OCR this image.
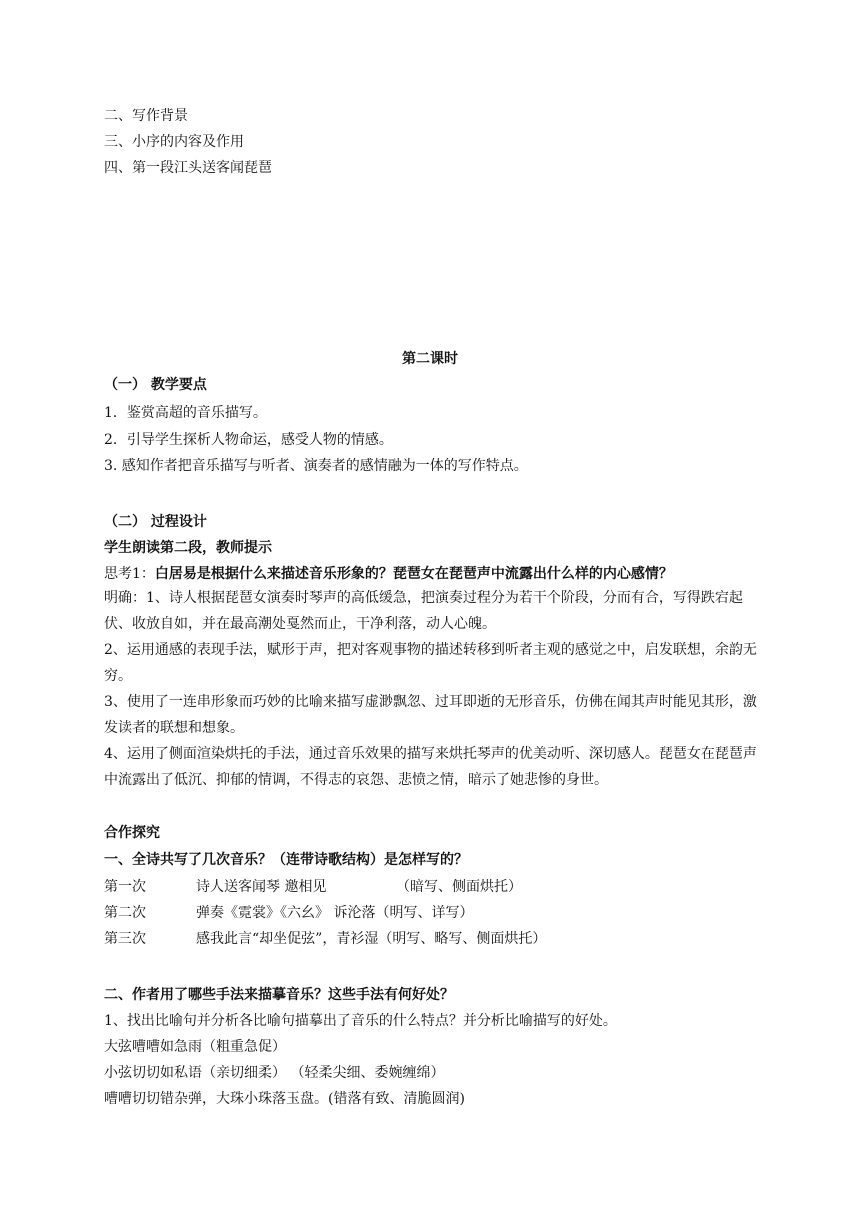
二、写作背景
三、小序的内容及作用
四、第一段江头送客闻琵琶
第二课时
（一） 教学要点
1．鉴赏高超的音乐描写。
2．引导学生探析人物命运，感受人物的情感。
3. 感知作者把音乐描写与听者、演奏者的感情融为一体的写作特点。
（二） 过程设计
学生朗读第二段，教师提示
思考1：白居易是根据什么来描述音乐形象的？琵琶女在琵琶声中流露出什么样的内心感情？
明确：1、诗人根据琵琶女演奏时琴声的高低缓急，把演奏过程分为若干个阶段，分而有合，写得跌宕起伏、收放自如，并在最高潮处戛然而止，干净利落，动人心魄。
2、运用通感的表现手法，赋形于声，把对客观事物的描述转移到听者主观的感觉之中，启发联想，余韵无穷。
3、使用了一连串形象而巧妙的比喻来描写虚渺飘忽、过耳即逝的无形音乐，仿佛在闻其声时能见其形，激发读者的联想和想象。
4、运用了侧面渲染烘托的手法，通过音乐效果的描写来烘托琴声的优美动听、深切感人。琵琶女在琵琶声中流露出了低沉、抑郁的情调，不得志的哀怨、悲愤之情，暗示了她悲惨的身世。
合作探究
一、全诗共写了几次音乐？（连带诗歌结构）是怎样写的？
第一次	诗人送客闻琴 邀相见	（暗写、侧面烘托）
第二次	弹奏《霓裳》《六幺》 诉沦落（明写、详写）
第三次	感我此言“却坐促弦”，青衫湿（明写、略写、侧面烘托）
二、作者用了哪些手法来描摹音乐？这些手法有何好处？
1、找出比喻句并分析各比喻句描摹出了音乐的什么特点？并分析比喻描写的好处。
大弦嘈嘈如急雨（粗重急促）
小弦切切如私语（亲切细柔） （轻柔尖细、委婉缠绵）
嘈嘈切切错杂弹，大珠小珠落玉盘。(错落有致、清脆圆润)
